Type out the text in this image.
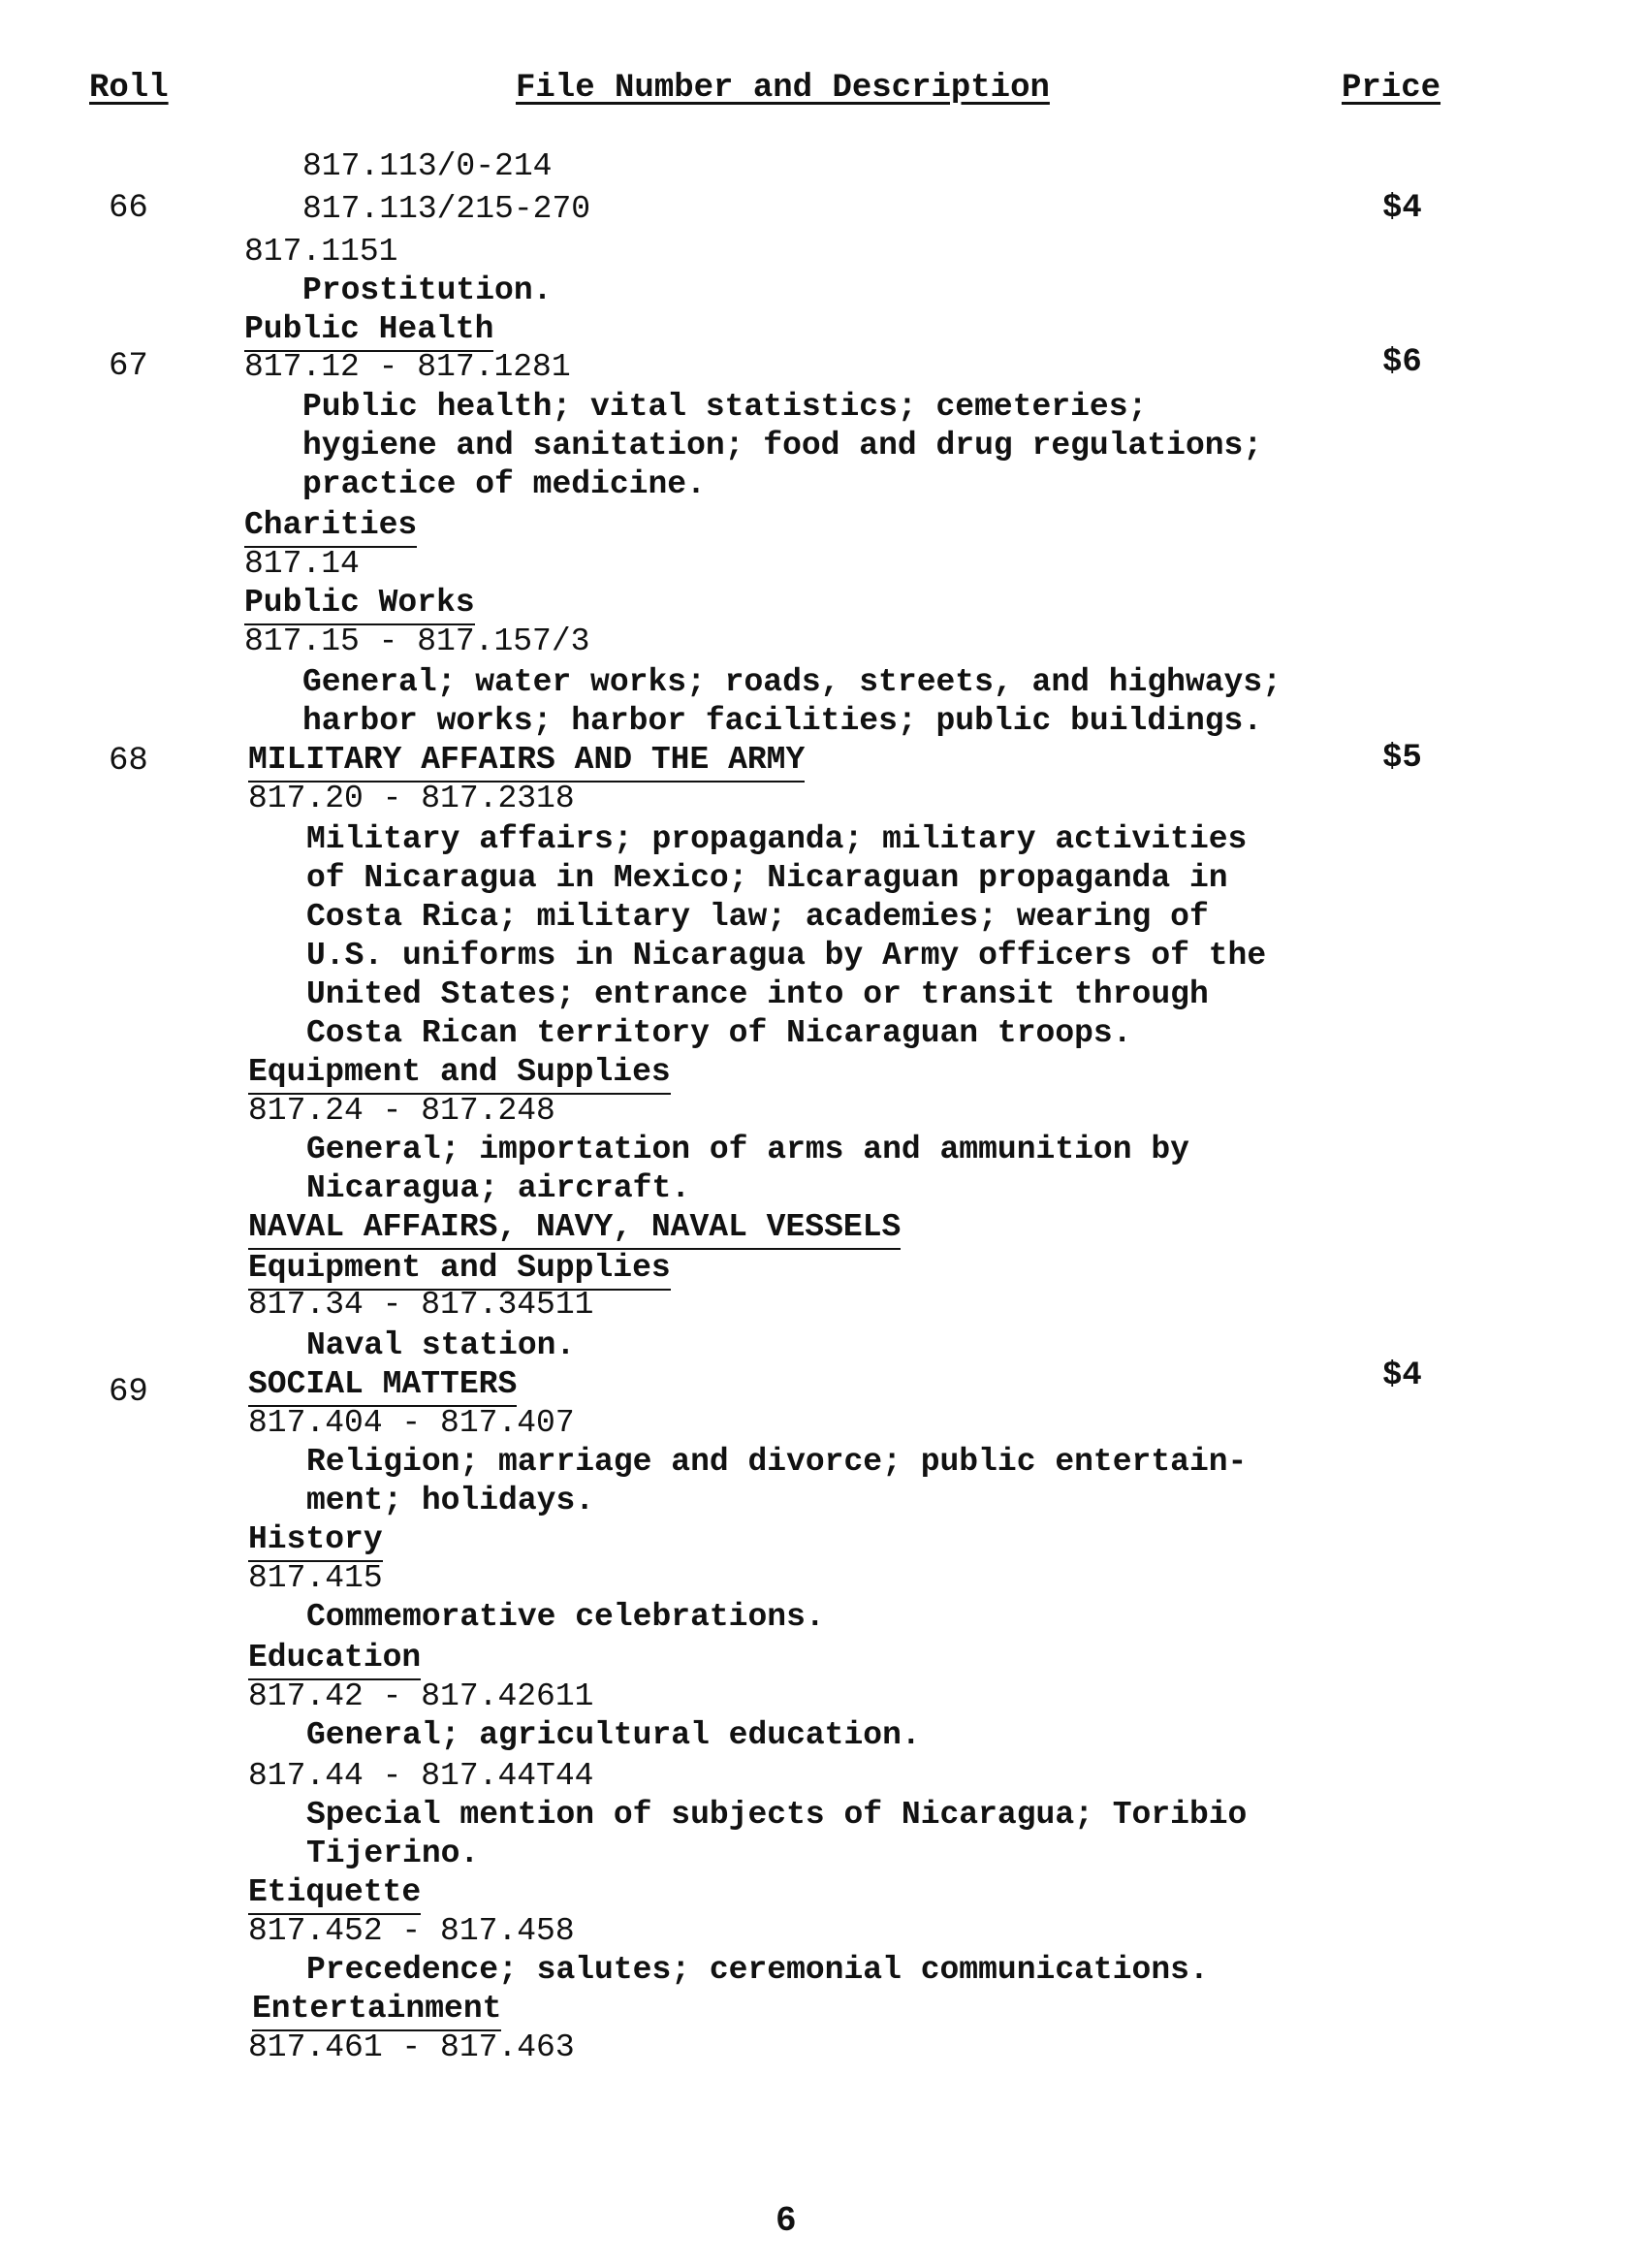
Roll	File Number and Description	Price
66
67
68
69
$4
$6
$5
$4
817.113/0-214
817.113/215-270
817.1151
Prostitution.
Public Health
817.12 - 817.1281
Public health; vital statistics; cemeteries;
hygiene and sanitation; food and drug regulations;
practice of medicine.
Charities
817.14
Public Works
817.15 - 817.157/3
General; water works; roads, streets, and highways;
harbor works; harbor facilities; public buildings.
MILITARY AFFAIRS AND THE ARMY
817.20 - 817.2318
Military affairs; propaganda; military activities
of Nicaragua in Mexico; Nicaraguan propaganda in
Costa Rica; military law; academies; wearing of
U.S. uniforms in Nicaragua by Army officers of the
United States; entrance into or transit through
Costa Rican territory of Nicaraguan troops.
Equipment and Supplies
817.24 - 817.248
General; importation of arms and ammunition by
Nicaragua; aircraft.
NAVAL AFFAIRS, NAVY, NAVAL VESSELS
Equipment and Supplies
817.34 - 817.34511
Naval station.
SOCIAL MATTERS
817.404 - 817.407
Religion; marriage and divorce; public entertain-
ment; holidays.
History
817.415
Commemorative celebrations.
Education
817.42 - 817.42611
General; agricultural education.
817.44 - 817.44T44
Special mention of subjects of Nicaragua; Toribio
Tijerino.
Etiquette
817.452 - 817.458
Precedence; salutes; ceremonial communications.
Entertainment
817.461 - 817.463
6
